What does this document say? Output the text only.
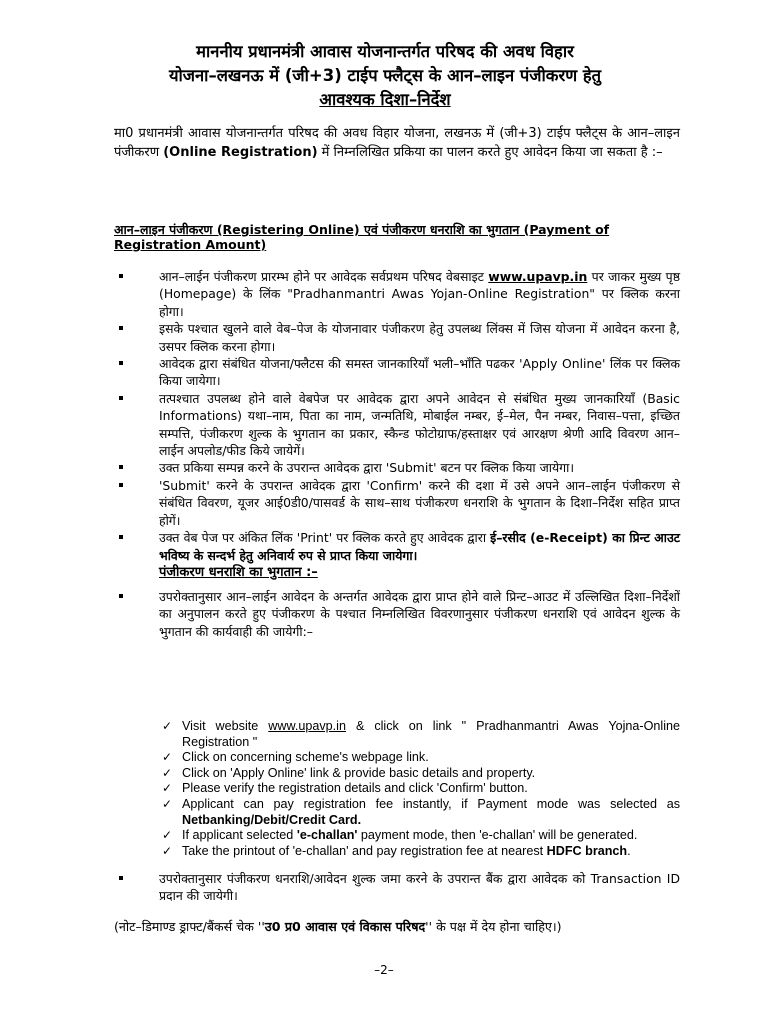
माननीय प्रधानमंत्री आवास योजनान्तर्गत परिषद की अवध विहार
योजना–लखनऊ में (जी+3) टाईप फ्लैट्स के आन–लाइन पंजीकरण हेतु
आवश्यक दिशा–निर्देश
मा0 प्रधानमंत्री आवास योजनान्तर्गत परिषद की अवध विहार योजना, लखनऊ में (जी+3) टाईप फ्लैट्स के आन–लाइन पंजीकरण (Online Registration) में निम्नलिखित प्रकिया का पालन करते हुए आवेदन किया जा सकता है :–
आन–लाइन पंजीकरण (Registering Online) एवं पंजीकरण धनराशि का भुगतान (Payment of Registration Amount)
आन–लाईन पंजीकरण प्रारम्भ होने पर आवेदक सर्वप्रथम परिषद वेबसाइट www.upavp.in पर जाकर मुख्य पृष्ठ (Homepage) के लिंक "Pradhanmantri Awas Yojan-Online Registration" पर क्लिक करना होगा।
इसके पश्चात खुलने वाले वेब–पेज के योजनावार पंजीकरण हेतु उपलब्ध लिंक्स में जिस योजना में आवेदन करना है, उसपर क्लिक करना होगा।
आवेदक द्वारा संबंधित योजना/फ्लैटस की समस्त जानकारियाँ भली–भाँति पढकर 'Apply Online' लिंक पर क्लिक किया जायेगा।
तत्पश्चात उपलब्ध होने वाले वेबपेज पर आवेदक द्वारा अपने आवेदन से संबंधित मुख्य जानकारियाँ (Basic Informations) यथा–नाम, पिता का नाम, जन्मतिथि, मोबाईल नम्बर, ई–मेल, पैन नम्बर, निवास–पत्ता, इच्छित सम्पत्ति, पंजीकरण शुल्क के भुगतान का प्रकार, स्कैन्ड फोटोग्राफ/हस्ताक्षर एवं आरक्षण श्रेणी आदि विवरण आन–लाईन अपलोड/फीड किये जायेगें।
उक्त प्रकिया सम्पन्न करने के उपरान्त आवेदक द्वारा 'Submit' बटन पर क्लिक किया जायेगा।
'Submit' करने के उपरान्त आवेदक द्वारा 'Confirm' करने की दशा में उसे अपने आन–लाईन पंजीकरण से संबंधित विवरण, यूजर आई0डी0/पासवर्ड के साथ–साथ पंजीकरण धनराशि के भुगतान के दिशा–निर्देश सहित प्राप्त होगें।
उक्त वेब पेज पर अंकित लिंक 'Print' पर क्लिक करते हुए आवेदक द्वारा ई–रसीद (e-Receipt) का प्रिन्ट आउट भविष्य के सन्दर्भ हेतु अनिवार्य रुप से प्राप्त किया जायेगा।
पंजीकरण धनराशि का भुगतान :–
उपरोक्तानुसार आन–लाईन आवेदन के अन्तर्गत आवेदक द्वारा प्राप्त होने वाले प्रिन्ट–आउट में उल्लिखित दिशा–निर्देशों का अनुपालन करते हुए पंजीकरण के पश्चात निम्नलिखित विवरणानुसार पंजीकरण धनराशि एवं आवेदन शुल्क के भुगतान की कार्यवाही की जायेगी:–
✓ Visit website www.upavp.in & click on link " Pradhanmantri Awas Yojna-Online Registration "
✓ Click on concerning scheme's webpage link.
✓ Click on 'Apply Online' link & provide basic details and property.
✓ Please verify the registration details and click 'Confirm' button.
✓ Applicant can pay registration fee instantly, if Payment mode was selected as Netbanking/Debit/Credit Card.
✓ If applicant selected 'e-challan' payment mode, then 'e-challan' will be generated.
✓ Take the printout of 'e-challan' and pay registration fee at nearest HDFC branch.
उपरोक्तानुसार पंजीकरण धनराशि/आवेदन शुल्क जमा करने के उपरान्त बैंक द्वारा आवेदक को Transaction ID प्रदान की जायेगी।
(नोट–डिमाण्ड ड्राफ्ट/बैंकर्स चेक ''उ0 प्र0 आवास एवं विकास परिषद'' के पक्ष में देय होना चाहिए।)
–2–
